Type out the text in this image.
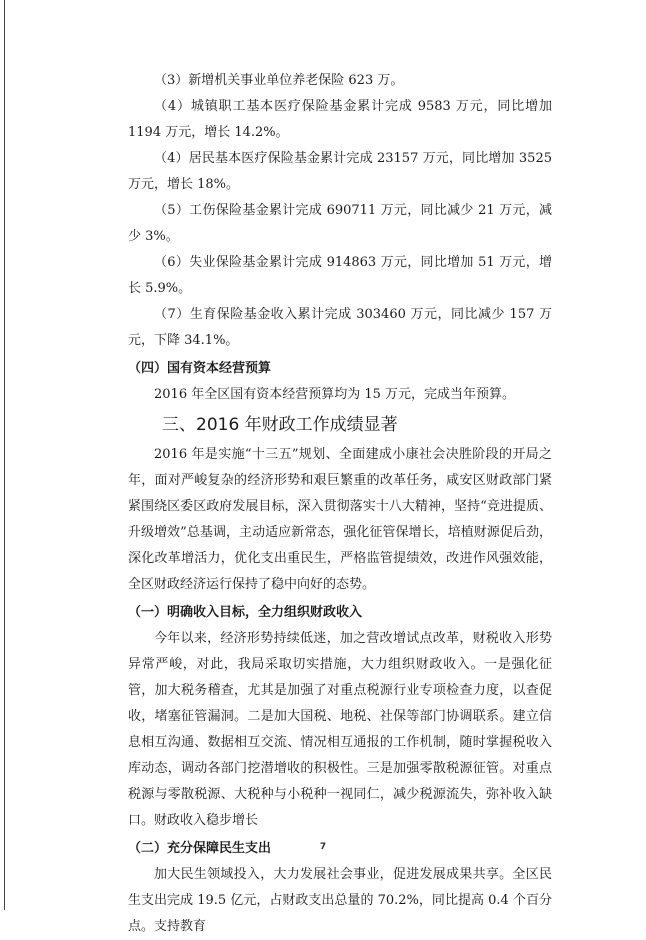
（3）新增机关事业单位养老保险 623 万。

（4）城镇职工基本医疗保险基金累计完成 9583 万元，同比增加 1194 万元，增长 14.2%。

（4）居民基本医疗保险基金累计完成 23157 万元，同比增加 3525 万元，增长 18%。

（5）工伤保险基金累计完成 690711 万元，同比减少 21 万元，减少 3%。

（6）失业保险基金累计完成 914863 万元，同比增加 51 万元，增长 5.9%。

（7）生育保险基金收入累计完成 303460 万元，同比减少 157 万元，下降 34.1%。

（四）国有资本经营预算

2016 年全区国有资本经营预算均为 15 万元，完成当年预算。

三、2016 年财政工作成绩显著

2016 年是实施“十三五”规划、全面建成小康社会决胜阶段的开局之年，面对严峻复杂的经济形势和艰巨繁重的改革任务，咸安区财政部门紧紧围绕区委区政府发展目标，深入贯彻落实十八大精神，坚持“竞进提质、升级增效”总基调，主动适应新常态，强化征管保增长，培植财源促后劲，深化改革增活力，优化支出重民生，严格监管提绩效，改进作风强效能，全区财政经济运行保持了稳中向好的态势。

（一）明确收入目标，全力组织财政收入

今年以来，经济形势持续低迷，加之营改增试点改革，财税收入形势异常严峻，对此，我局采取切实措施，大力组织财政收入。一是强化征管，加大税务稽查，尤其是加强了对重点税源行业专项检查力度，以查促收，堵塞征管漏洞。二是加大国税、地税、社保等部门协调联系。建立信息相互沟通、数据相互交流、情况相互通报的工作机制，随时掌握税收入库动态，调动各部门挖潜增收的积极性。三是加强零散税源征管。对重点税源与零散税源、大税种与小税种一视同仁，减少税源流失，弥补收入缺口。财政收入稳步增长

（二）充分保障民生支出

加大民生领域投入，大力发展社会事业，促进发展成果共享。全区民生支出完成 19.5 亿元，占财政支出总量的 70.2%，同比提高 0.4 个百分点。支持教育

7
